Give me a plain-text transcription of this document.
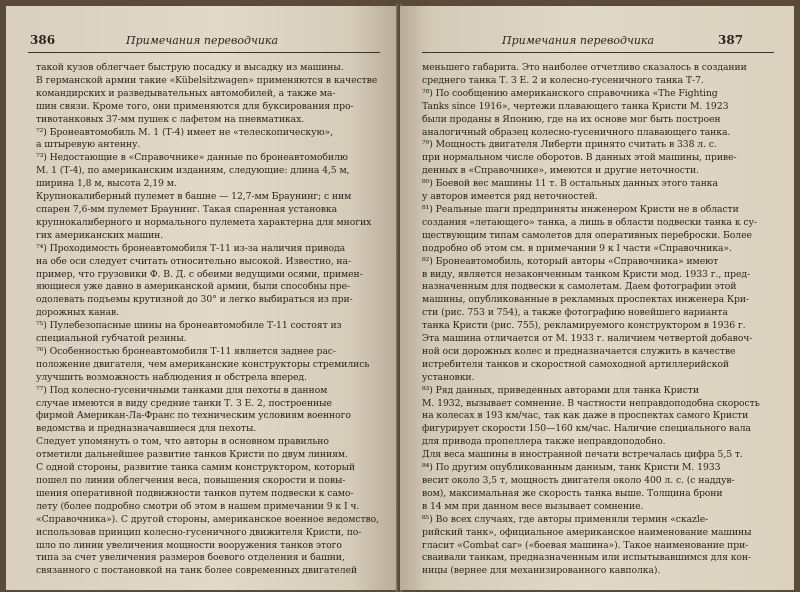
386	Примечания переводчика
такой кузов облегчает быструю посадку и высадку из машины.
В германской армии такие «Kübelsitzwagen» применяются в качестве
командирских и разведывательных автомобилей, а также ма-
шин связи. Кроме того, они применяются для буксирования про-
тивотанковых 37-мм пушек с лафетом на пневматиках.
⁷²) Бронеавтомобиль М. 1 (Т-4) имеет не «телескопическую»,
а штыревую антенну.
⁷³) Недостающие в «Справочнике» данные по бронеавтомобилю
М. 1 (Т-4), по американским изданиям, следующие: длина 4,5 м,
ширина 1,8 м, высота 2,19 м.
Крупнокалиберный пулемет в башне — 12,7-мм Браунинг; с ним
спарен 7,6-мм пулемет Браунинг. Такая спаренная установка
крупнокалиберного и нормального пулемета характерна для многих
гих американских машин.
⁷⁴) Проходимость бронеавтомобиля Т-11 из-за наличия привода
на обе оси следует считать относительно высокой. Известно, на-
пример, что грузовики Ф. В. Д. с обеими ведущими осями, примен-
яющиеся уже давно в американской армии, были способны пре-
одолевать подъемы крутизной до 30° и легко выбираться из при-
дорожных канав.
⁷⁵) Пулебезопасные шины на бронеавтомобиле Т-11 состоят из
специальной губчатой резины.
⁷⁶) Особенностью бронеавтомобиля Т-11 является заднее рас-
положение двигателя, чем американские конструкторы стремились
улучшить возможность наблюдения и обстрела вперед.
⁷⁷) Под колесно-гусеничными танками для пехоты в данном
случае имеются в виду средние танки Т. З Е. 2, построенные
фирмой Американ-Ла-Франс по техническим условиям военного
ведомства и предназначавшиеся для пехоты.
Следует упомянуть о том, что авторы в основном правильно
отметили дальнейшее развитие танков Кристи по двум линиям.
С одной стороны, развитие танка самим конструктором, который
пошел по линии облегчения веса, повышения скорости и повы-
шения оперативной подвижности танков путем подвески к само-
лету (более подробно смотри об этом в нашем примечании 9 к I ч.
«Справочника»). С другой стороны, американское военное ведомство,
использовав принцип колесно-гусеничного движителя Кристи, по-
шло по линии увеличения мощности вооружения танков этого
типа за счет увеличения размеров боевого отделения и башни,
связанного с постановкой на танк более современных двигателей
Примечания переводчика	387
меньшего габарита. Это наиболее отчетливо сказалось в создании
среднего танка Т. З Е. 2 и колесно-гусеничного танка Т-7.
⁷⁸) По сообщению американского справочника «The Fighting
Tanks since 1916», чертежи плавающего танка Кристи М. 1923
были проданы в Японию, где на их основе мог быть построен
аналогичный образец колесно-гусеничного плавающего танка.
⁷⁹) Мощность двигателя Либерти принято считать в 338 л. с.
при нормальном числе оборотов. В данных этой машины, приве-
денных в «Справочнике», имеются и другие неточности.
⁸⁰) Боевой вес машины 11 т. В остальных данных этого танка
у авторов имеется ряд неточностей.
⁸¹) Реальные шаги предприняты инженером Кристи не в области
создания «летающего» танка, а лишь в области подвески танка к су-
ществующим типам самолетов для оперативных переброски. Более
подробно об этом см. в примечании 9 к I части «Справочника».
⁸²) Бронеавтомобиль, который авторы «Справочника» имеют
в виду, является незаконченным танком Кристи мод. 1933 г., пред-
назначенным для подвески к самолетам. Даем фотографии этой
машины, опубликованные в рекламных проспектах инженера Кри-
сти (рис. 753 и 754), а также фотографию новейшего варианта
танка Кристи (рис. 755), рекламируемого конструктором в 1936 г.
Эта машина отличается от М. 1933 г. наличием четвертой добавоч-
ной оси дорожных колес и предназначается служить в качестве
истребителя танков и скоростной самоходной артиллерийской
установки.
⁸³) Ряд данных, приведенных авторами для танка Кристи
М. 1932, вызывает сомнение. В частности неправдоподобна скорость
на колесах в 193 км/час, так как даже в проспектах самого Кристи
фигурирует скорости 150—160 км/час. Наличие специального вала
для привода пропеллера также неправдоподобно.
Для веса машины в иностранной печати встречалась цифра 5,5 т.
⁸⁴) По другим опубликованным данным, танк Кристи М. 1933
весит около 3,5 т, мощность двигателя около 400 л. с. (с наддув-
вом), максимальная же скорость танка выше. Толщина брони
в 14 мм при данном весе вызывает сомнение.
⁸⁵) Во всех случаях, где авторы применяли термин «скаzle-
рийский танк», официальное американское наименование машины
гласит «Combat car» («боевая машина»). Такое наименование при-
сваивали танкам, предназначенным или испытывавшимся для кон-
ницы (вернее для механизированного кавполка).
